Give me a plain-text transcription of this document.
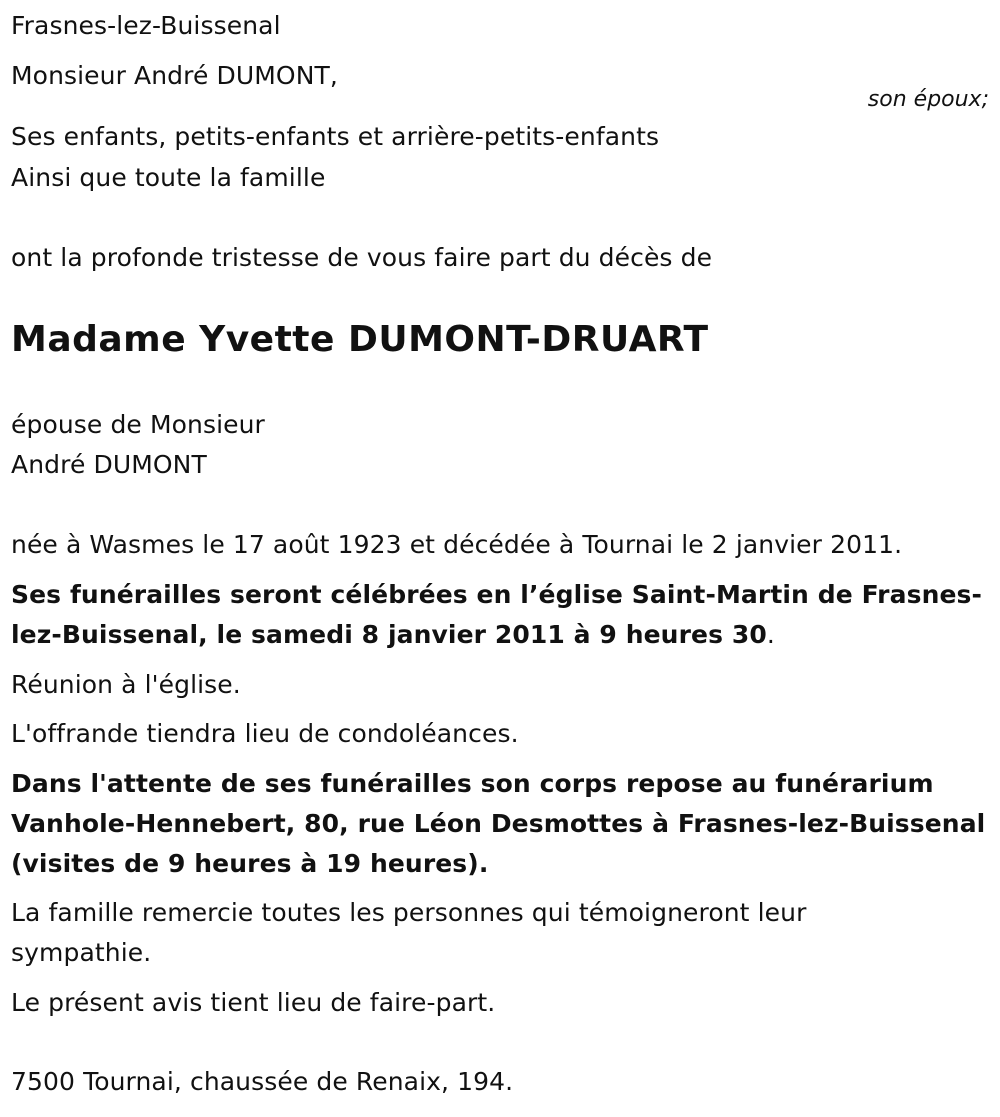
Frasnes-lez-Buissenal
Monsieur André DUMONT,
son époux;
Ses enfants, petits-enfants et arrière-petits-enfants
Ainsi que toute la famille
ont la profonde tristesse de vous faire part du décès de
Madame Yvette DUMONT-DRUART
épouse de Monsieur
André DUMONT
née à Wasmes le 17 août 1923 et décédée à Tournai le 2 janvier 2011.
Ses funérailles seront célébrées en l’église Saint-Martin de Frasnes-
lez-Buissenal, le samedi 8 janvier 2011 à 9 heures 30.
Réunion à l'église.
L'offrande tiendra lieu de condoléances.
Dans l'attente de ses funérailles son corps repose au funérarium
Vanhole-Hennebert, 80, rue Léon Desmottes à Frasnes-lez-Buissenal
(visites de 9 heures à 19 heures).
La famille remercie toutes les personnes qui témoigneront leur
sympathie.
Le présent avis tient lieu de faire-part.
7500 Tournai, chaussée de Renaix, 194.
